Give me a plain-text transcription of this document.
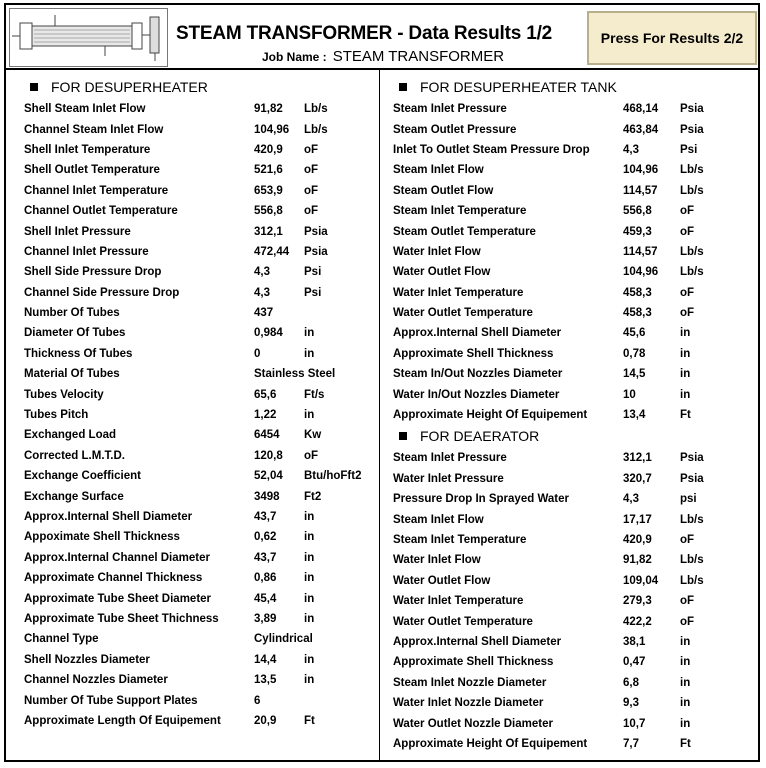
STEAM TRANSFORMER - Data Results 1/2
Job Name : STEAM TRANSFORMER
Press For Results 2/2
FOR DESUPERHEATER
Shell Steam Inlet Flow	91,82	Lb/s
Channel Steam Inlet Flow	104,96	Lb/s
Shell Inlet Temperature	420,9	oF
Shell Outlet Temperature	521,6	oF
Channel Inlet Temperature	653,9	oF
Channel Outlet Temperature	556,8	oF
Shell Inlet Pressure	312,1	Psia
Channel Inlet Pressure	472,44	Psia
Shell Side Pressure Drop	4,3	Psi
Channel Side Pressure Drop	4,3	Psi
Number Of Tubes	437
Diameter Of Tubes	0,984	in
Thickness Of Tubes	0	in
Material Of Tubes	Stainless Steel
Tubes Velocity	65,6	Ft/s
Tubes Pitch	1,22	in
Exchanged Load	6454	Kw
Corrected L.M.T.D.	120,8	oF
Exchange Coefficient	52,04	Btu/hoFft2
Exchange Surface	3498	Ft2
Approx.Internal Shell Diameter	43,7	in
Appoximate Shell Thickness	0,62	in
Approx.Internal Channel Diameter	43,7	in
Approximate Channel Thickness	0,86	in
Approximate Tube Sheet Diameter	45,4	in
Approximate Tube Sheet Thichness	3,89	in
Channel Type	Cylindrical
Shell Nozzles Diameter	14,4	in
Channel Nozzles Diameter	13,5	in
Number Of Tube Support Plates	6
Approximate Length Of Equipement	20,9	Ft
FOR DESUPERHEATER TANK
Steam Inlet Pressure	468,14	Psia
Steam Outlet Pressure	463,84	Psia
Inlet To Outlet Steam Pressure Drop	4,3	Psi
Steam Inlet Flow	104,96	Lb/s
Steam Outlet Flow	114,57	Lb/s
Steam Inlet Temperature	556,8	oF
Steam Outlet Temperature	459,3	oF
Water Inlet Flow	114,57	Lb/s
Water Outlet Flow	104,96	Lb/s
Water Inlet Temperature	458,3	oF
Water Outlet Temperature	458,3	oF
Approx.Internal Shell Diameter	45,6	in
Approximate Shell Thickness	0,78	in
Steam In/Out Nozzles Diameter	14,5	in
Water In/Out Nozzles Diameter	10	in
Approximate Height Of Equipement	13,4	Ft
FOR DEAERATOR
Steam Inlet Pressure	312,1	Psia
Water Inlet Pressure	320,7	Psia
Pressure Drop In Sprayed Water	4,3	psi
Steam Inlet Flow	17,17	Lb/s
Steam Inlet Temperature	420,9	oF
Water Inlet Flow	91,82	Lb/s
Water Outlet Flow	109,04	Lb/s
Water Inlet Temperature	279,3	oF
Water Outlet Temperature	422,2	oF
Approx.Internal Shell Diameter	38,1	in
Approximate Shell Thickness	0,47	in
Steam Inlet Nozzle Diameter	6,8	in
Water Inlet Nozzle Diameter	9,3	in
Water Outlet Nozzle Diameter	10,7	in
Approximate Height Of Equipement	7,7	Ft
